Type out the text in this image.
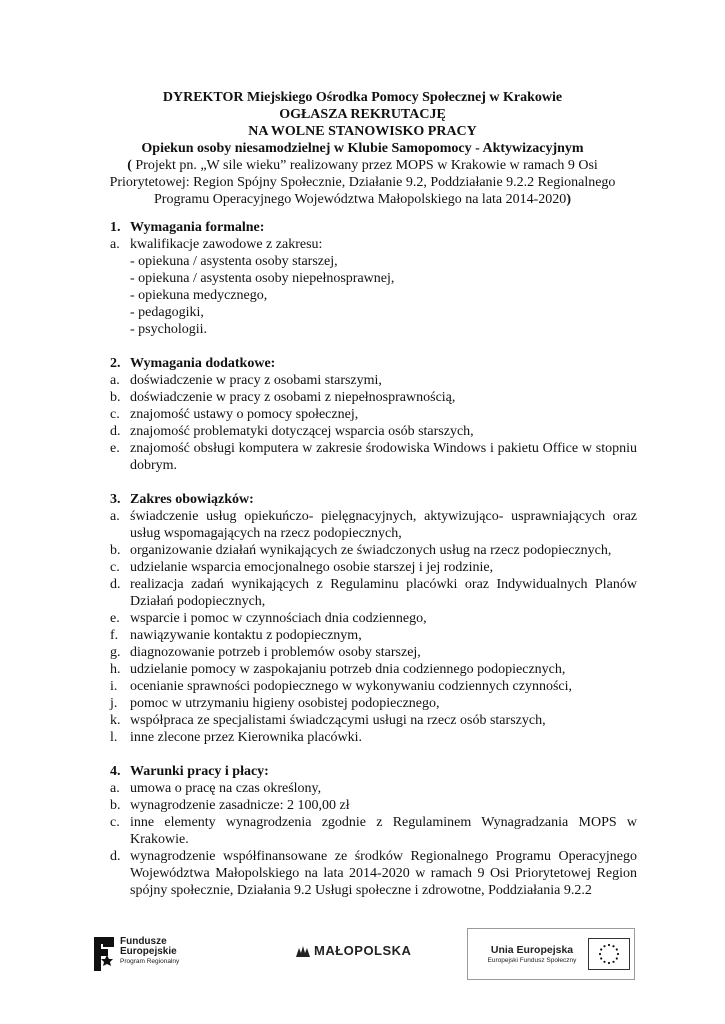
DYREKTOR Miejskiego Ośrodka Pomocy Społecznej w Krakowie
OGŁASZA REKRUTACJĘ
NA WOLNE STANOWISKO PRACY
Opiekun osoby niesamodzielnej w Klubie Samopomocy - Aktywizacyjnym
( Projekt pn. „W sile wieku” realizowany przez MOPS w Krakowie w ramach 9 Osi Priorytetowej: Region Spójny Społecznie, Działanie 9.2, Poddziałanie 9.2.2 Regionalnego Programu Operacyjnego Województwa Małopolskiego na lata 2014-2020)
1. Wymagania formalne:
a. kwalifikacje zawodowe z zakresu:
- opiekuna / asystenta osoby starszej,
- opiekuna / asystenta osoby niepełnosprawnej,
- opiekuna medycznego,
- pedagogiki,
- psychologii.
2. Wymagania dodatkowe:
a. doświadczenie w pracy z osobami starszymi,
b. doświadczenie w pracy z osobami z niepełnosprawnością,
c. znajomość ustawy o pomocy społecznej,
d. znajomość problematyki dotyczącej wsparcia osób starszych,
e. znajomość obsługi komputera w zakresie środowiska Windows i pakietu Office w stopniu dobrym.
3. Zakres obowiązków:
a. świadczenie usług opiekuńczo- pielęgnacyjnych, aktywizująco- usprawniających oraz usług wspomagających na rzecz podopiecznych,
b. organizowanie działań wynikających ze świadczonych usług na rzecz podopiecznych,
c. udzielanie wsparcia emocjonalnego osobie starszej i jej rodzinie,
d. realizacja zadań wynikających z Regulaminu placówki oraz Indywidualnych Planów Działań podopiecznych,
e. wsparcie i pomoc w czynnościach dnia codziennego,
f. nawiązywanie kontaktu z podopiecznym,
g. diagnozowanie potrzeb i problemów osoby starszej,
h. udzielanie pomocy w zaspokajaniu potrzeb dnia codziennego podopiecznych,
i. ocenianie sprawności podopiecznego w wykonywaniu codziennych czynności,
j. pomoc w utrzymaniu higieny osobistej podopiecznego,
k. współpraca ze specjalistami świadczącymi usługi na rzecz osób starszych,
l. inne zlecone przez Kierownika placówki.
4. Warunki pracy i płacy:
a. umowa o pracę na czas określony,
b. wynagrodzenie zasadnicze: 2 100,00 zł
c. inne elementy wynagrodzenia zgodnie z Regulaminem Wynagradzania MOPS w Krakowie.
d. wynagrodzenie współfinansowane ze środków Regionalnego Programu Operacyjnego Województwa Małopolskiego na lata 2014-2020 w ramach 9 Osi Priorytetowej Region spójny społecznie, Działania 9.2 Usługi społeczne i zdrowotne, Poddziałania 9.2.2
Fundusze
Europejskie
Program Regionalny
MAŁOPOLSKA	Unia Europejska
Europejski Fundusz Społeczny
